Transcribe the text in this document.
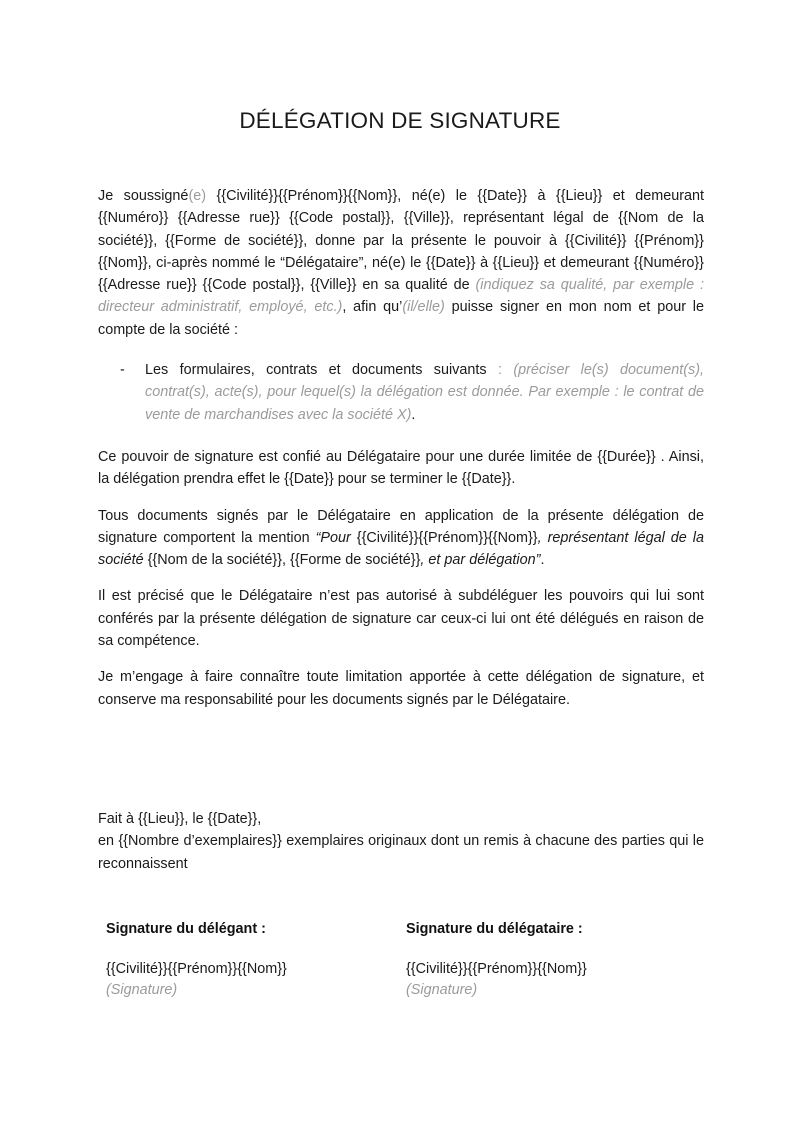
DÉLÉGATION DE SIGNATURE

Je soussigné(e) {{Civilité}}{{Prénom}}{{Nom}}, né(e) le {{Date}} à {{Lieu}} et demeurant {{Numéro}} {{Adresse rue}} {{Code postal}}, {{Ville}}, représentant légal de {{Nom de la société}}, {{Forme de société}}, donne par la présente le pouvoir à {{Civilité}} {{Prénom}} {{Nom}}, ci-après nommé le “Délégataire”, né(e) le {{Date}} à {{Lieu}} et demeurant {{Numéro}} {{Adresse rue}} {{Code postal}}, {{Ville}} en sa qualité de (indiquez sa qualité, par exemple : directeur administratif, employé, etc.), afin qu’(il/elle) puisse signer en mon nom et pour le compte de la société :

- Les formulaires, contrats et documents suivants : (préciser le(s) document(s), contrat(s), acte(s), pour lequel(s) la délégation est donnée. Par exemple : le contrat de vente de marchandises avec la société X).

Ce pouvoir de signature est confié au Délégataire pour une durée limitée de {{Durée}} . Ainsi, la délégation prendra effet le {{Date}} pour se terminer le {{Date}}.

Tous documents signés par le Délégataire en application de la présente délégation de signature comportent la mention “Pour {{Civilité}}{{Prénom}}{{Nom}}, représentant légal de la société {{Nom de la société}}, {{Forme de société}}, et par délégation”.

Il est précisé que le Délégataire n’est pas autorisé à subdéléguer les pouvoirs qui lui sont conférés par la présente délégation de signature car ceux-ci lui ont été délégués en raison de sa compétence.

Je m’engage à faire connaître toute limitation apportée à cette délégation de signature, et conserve ma responsabilité pour les documents signés par le Délégataire.

Fait à {{Lieu}}, le {{Date}},
en {{Nombre d’exemplaires}} exemplaires originaux dont un remis à chacune des parties qui le reconnaissent
Signature du délégant :
{{Civilité}}{{Prénom}}{{Nom}}
(Signature)
Signature du délégataire :
{{Civilité}}{{Prénom}}{{Nom}}
(Signature)
